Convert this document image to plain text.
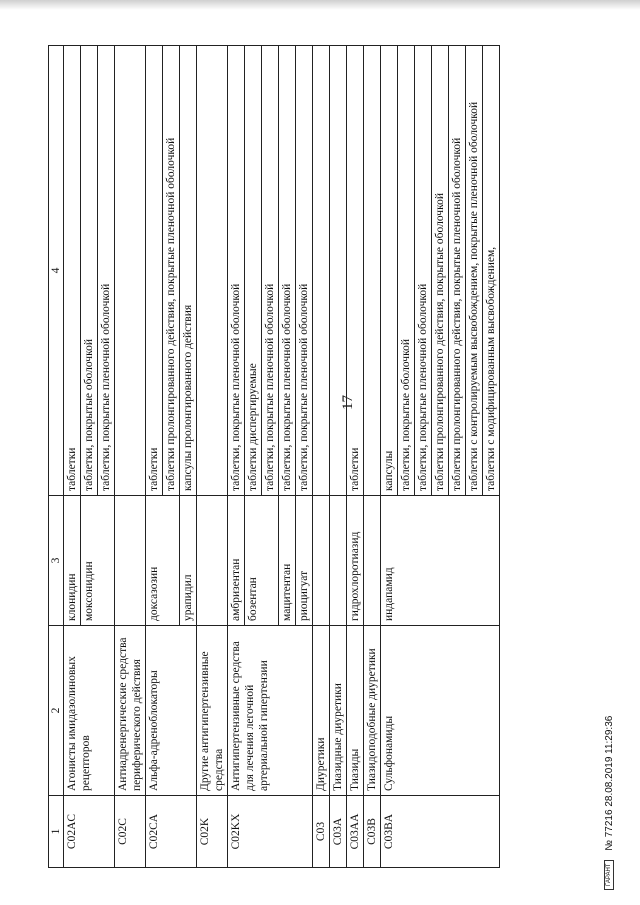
17
1	2	3	4
C02AC	Агонисты имидазолиновых рецепторов	клонидин	таблетки
		моксонидин	таблетки, покрытые оболочкой
			таблетки, покрытые пленочной оболочкой
C02C	Антиадренергические средства периферического действия		
C02CA	Альфа-адреноблокаторы	доксазозин	таблетки
			таблетки пролонгированного действия, покрытые пленочной оболочкой
		урапидил	капсулы пролонгированного действия
C02K	Другие антигипертензивные средства		
C02KX	Антигипертензивные средства для лечения легочной артериальной гипертензии	амбризентан	таблетки, покрытые пленочной оболочкой
		бозентан	таблетки диспергируемые
			таблетки, покрытые пленочной оболочкой
		мацитентан	таблетки, покрытые пленочной оболочкой
		риоцигуат	таблетки, покрытые пленочной оболочкой
C03	Диуретики		
C03A	Тиазидные диуретики		
C03AA	Тиазиды	гидрохлоротиазид	таблетки
C03B	Тиазидоподобные диуретики		
C03BA	Сульфонамиды	индапамид	капсулы
			таблетки, покрытые оболочкой
			таблетки, покрытые пленочной оболочкой
			таблетки пролонгированного действия, покрытые оболочкой
			таблетки пролонгированного действия, покрытые пленочной оболочкой
			таблетки с контролируемым высвобождением, покрытые пленочной оболочкой
			таблетки с модифицированным высвобождением,
ГАРАНТ № 77216 28.08.2019 11:29:36
